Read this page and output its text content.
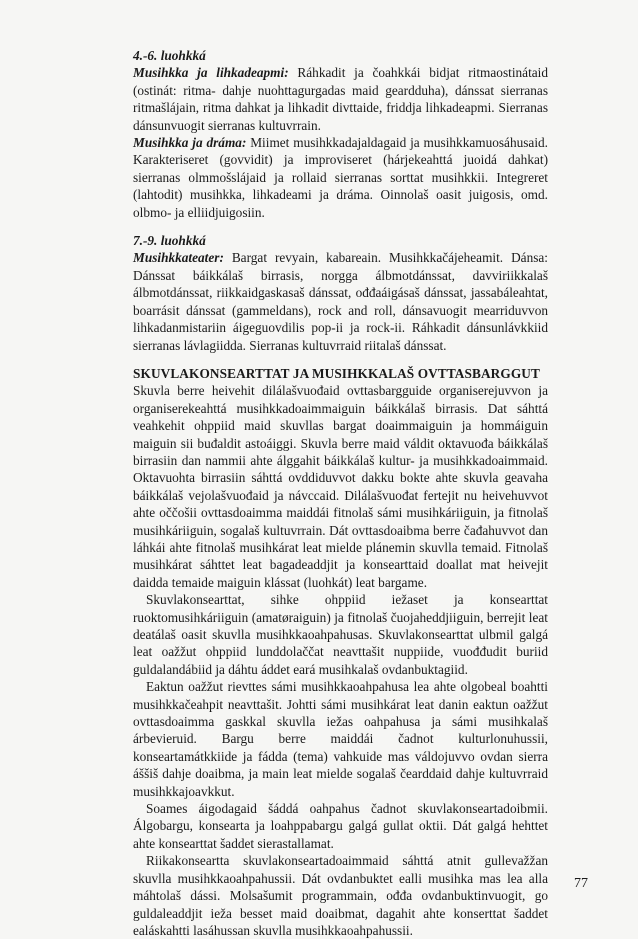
4.-6. luohkká

Musihkka ja lihkadeapmi: Ráhkadit ja čoahkkái bidjat ritmaostinátaid (ostinát: ritma- dahje nuohttagurgadas maid geardduha), dánssat sierranas ritmašlájain, ritma dahkat ja lihkadit divttaide, friddja lihkadeapmi. Sierranas dánsunvuogit sierranas kultuvrrain.

Musihkka ja dráma: Miimet musihkkadajaldagaid ja musihkkamuosáhusaid. Karakteriseret (govvidit) ja improviseret (hárjekeahttá juoidá dahkat) sierranas olmmošslájaid ja rollaid sierranas sorttat musihkkii. Integreret (lahtodit) musihkka, lihkadeami ja dráma. Oinnolaš oasit juigosis, omd. olbmo- ja elliidjuigosiin.

7.-9. luohkká

Musihkkateater: Bargat revyain, kabareain. Musihkkačájeheamit. Dánsa: Dánssat báikkálaš birrasis, norgga álbmotdánssat, davviriikkalaš álbmotdánssat, riikkaidgaskasaš dánssat, ođđaáigásaš dánssat, jassabáleahtat, boarrásit dánssat (gammeldans), rock and roll, dánsavuogit mearriduvvon lihkadanmistariin áigeguovdilis pop-ii ja rock-ii. Ráhkadit dánsunlávkkiid sierranas lávlagiidda. Sierranas kultuvrraid riitalaš dánssat.

SKUVLAKONSEARTTAT JA MUSIHKKALAŠ OVTTASBARGGUT

Skuvla berre heivehit dilálašvuođaid ovttasbargguide organiserejuvvon ja organiserekeahttá musihkkadoaimmaiguin báikkálaš birrasis. Dat sáhttá veahkehit ohppiid maid skuvllas bargat doaimmaiguin ja hommáiguin maiguin sii buđaldit astoáiggi. Skuvla berre maid váldit oktavuođa báikkálaš birrasiin dan nammii ahte álggahit báikkálaš kultur- ja musihkkadoaimmaid. Oktavuohta birrasiin sáhttá ovddiduvvot dakku bokte ahte skuvla geavaha báikkálaš vejolašvuođaid ja návccaid. Dilálašvuođat fertejit nu heivehuvvot ahte oččošii ovttasdoaimma maiddái fitnolaš sámi musihkáriiguin, ja fitnolaš musihkáriiguin, sogalaš kultuvrrain. Dát ovttasdoaibma berre čađahuvvot dan láhkái ahte fitnolaš musihkárat leat mielde plánemin skuvlla temaid. Fitnolaš musihkárat sáhttet leat bagadeaddjit ja konsearttaid doallat mat heivejit daidda temaide maiguin klássat (luohkát) leat bargame.

Skuvlakonsearttat, sihke ohppiid iežaset ja konsearttat ruoktomusihkáriiguin (amatøraiguin) ja fitnolaš čuojaheddjiiguin, berrejit leat deatálaš oasit skuvlla musihkkaoahpahusas. Skuvlakonsearttat ulbmil galgá leat oažžut ohppiid lunddolaččat neavttašit nuppiide, vuođđudit buriid guldalandábiid ja dáhtu áddet eará musihkalaš ovdanbuktagiid.

Eaktun oažžut rievttes sámi musihkkaoahpahusa lea ahte olgobeal boahtti musihkkačeahpit neavttašit. Johtti sámi musihkárat leat danin eaktun oažžut ovttasdoaimma gaskkal skuvlla iežas oahpahusa ja sámi musihkalaš árbevieruid. Bargu berre maiddái čadnot kulturlonuhussii, konseartamátkkiide ja fádda (tema) vahkuide mas váldojuvvo ovdan sierra áššiš dahje doaibma, ja main leat mielde sogalaš čearddaid dahje kultuvrraid musihkkajoavkkut.

Soames áigodagaid šáddá oahpahus čadnot skuvlakonseartadoibmii. Álgobargu, konsearta ja loahppabargu galgá gullat oktii. Dát galgá hehttet ahte konsearttat šaddet sierastallamat.

Riikakonseartta skuvlakonseartadoaimmaid sáhttá atnit gullevažžan skuvlla musihkkaoahpahussii. Dát ovdanbuktet ealli musihka mas lea alla máhtolaš dássi. Molsašumit programmain, ođđa ovdanbuktinvuogit, go guldaleaddjit ieža besset maid doaibmat, dagahit ahte konserttat šaddet ealáskahtti lasáhussan skuvlla musihkkaoahpahussii.

77
